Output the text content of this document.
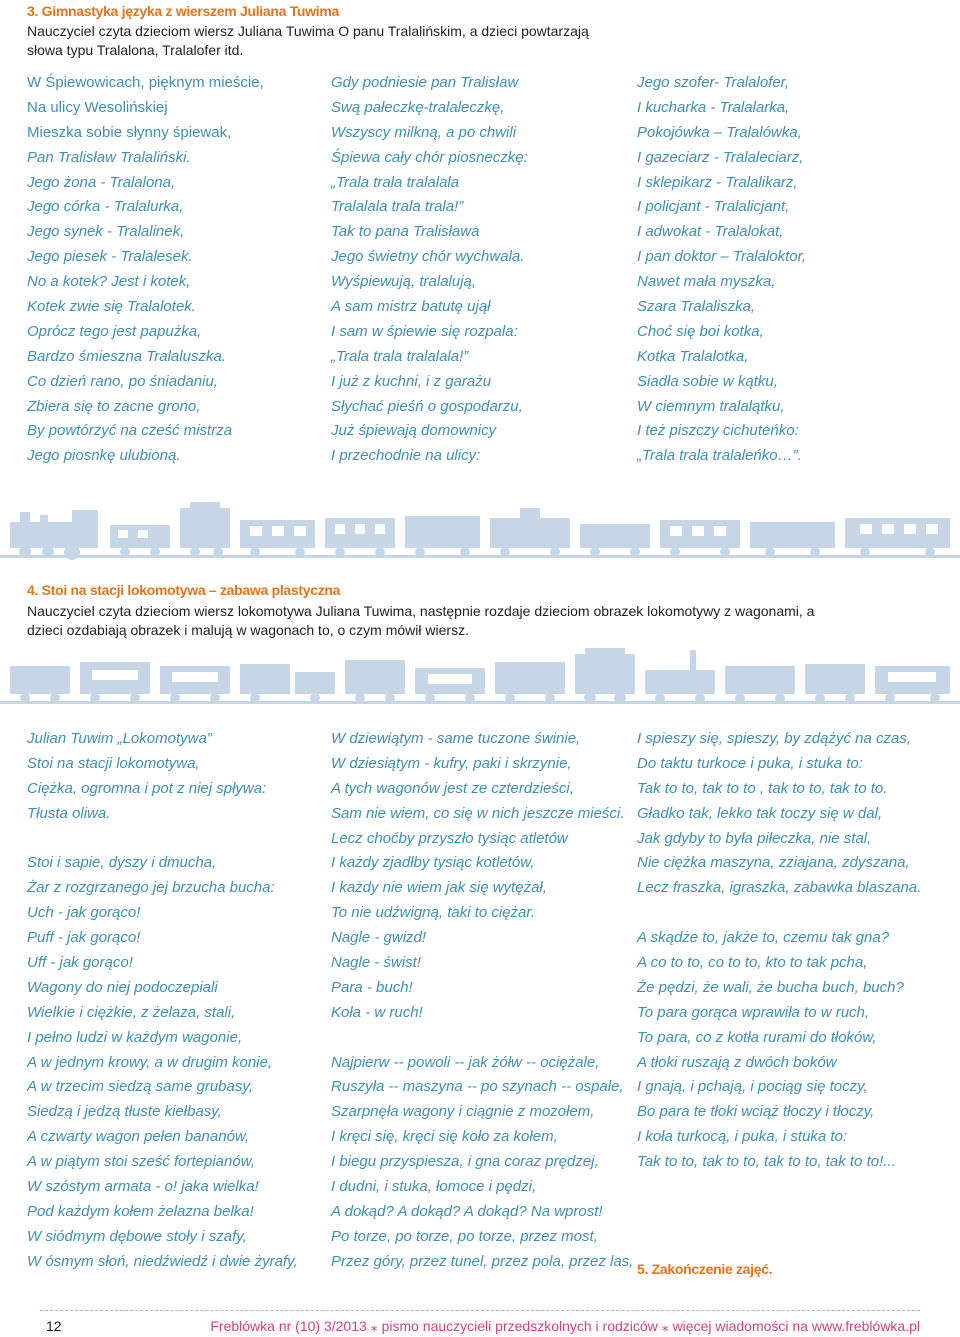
3. Gimnastyka języka z wierszem Juliana Tuwima
Nauczyciel czyta dzieciom wiersz Juliana Tuwima O panu Tralalińskim, a dzieci powtarzają słowa typu Tralalona, Tralalofer itd.
W Śpiewowicach, pięknym mieście,
Na ulicy Wesolińskiej
Mieszka sobie słynny śpiewak,
Pan Tralisław Tralaliński.
Jego żona - Tralalona,
Jego córka - Tralalurka,
Jego synek - Tralalinek,
Jego piesek - Tralalesek.
No a kotek? Jest i kotek,
Kotek zwie się Tralalotek.
Oprócz tego jest papużka,
Bardzo śmieszna Tralaluszka.
Co dzień rano, po śniadaniu,
Zbiera się to zacne grono,
By powtórzyć na cześć mistrza
Jego piosnkę ulubioną.
Gdy podniesie pan Tralisław
Swą pałeczkę-tralaleczkę,
Wszyscy milkną, a po chwili
Śpiewa cały chór piosneczkę:
„Trala trala tralalala
Tralalala trala trala!”
Tak to pana Tralisława
Jego świetny chór wychwala.
Wyśpiewują, tralalują,
A sam mistrz batutę ujął
I sam w śpiewie się rozpala:
„Trala trala tralalala!”
I już z kuchni, i z garażu
Słychać pieśń o gospodarzu,
Już śpiewają domownicy
I przechodnie na ulicy:
Jego szofer- Tralalofer,
I kucharka - Tralalarka,
Pokojówka – Tralalówka,
I gazeciarz - Tralaleciarz,
I sklepikarz - Tralalikarz,
I policjant - Tralalicjant,
I adwokat - Tralalokat,
I pan doktor – Tralaloktor,
Nawet mała myszka,
Szara Tralaliszka,
Choć się boi kotka,
Kotka Tralalotka,
Siadła sobie w kątku,
W ciemnym tralalątku,
I też piszczy cichuteńko:
„Trala trala tralaleńko…”.
4. Stoi na stacji lokomotywa – zabawa plastyczna
Nauczyciel czyta dzieciom wiersz lokomotywa Juliana Tuwima, następnie rozdaje dzieciom obrazek lokomotywy z wagonami, a dzieci ozdabiają obrazek i malują w wagonach to, o czym mówił wiersz.
Julian Tuwim „Lokomotywa”
Stoi na stacji lokomotywa,
Ciężka, ogromna i pot z niej spływa:
Tłusta oliwa.
Stoi i sapie, dyszy i dmucha,
Żar z rozgrzanego jej brzucha bucha:
Uch - jak gorąco!
Puff - jak gorąco!
Uff - jak gorąco!
Wagony do niej podoczepiali
Wielkie i ciężkie, z żelaza, stali,
I pełno ludzi w każdym wagonie,
A w jednym krowy, a w drugim konie,
A w trzecim siedzą same grubasy,
Siedzą i jedzą tłuste kiełbasy,
A czwarty wagon pełen bananów,
A w piątym stoi sześć fortepianów,
W szóstym armata - o! jaka wielka!
Pod każdym kołem żelazna belka!
W siódmym dębowe stoły i szafy,
W ósmym słoń, niedźwiedź i dwie żyrafy,
W dziewiątym - same tuczone świnie,
W dziesiątym - kufry, paki i skrzynie,
A tych wagonów jest ze czterdzieści,
Sam nie wiem, co się w nich jeszcze mieści.
Lecz choćby przyszło tysiąc atletów
I każdy zjadłby tysiąc kotletów,
I każdy nie wiem jak się wytężał,
To nie udźwigną, taki to ciężar.
Nagle - gwizd!
Nagle - świst!
Para - buch!
Koła - w ruch!
Najpierw -- powoli -- jak żółw -- ociężale,
Ruszyła -- maszyna -- po szynach -- ospale,
Szarpnęła wagony i ciągnie z mozołem,
I kręci się, kręci się koło za kołem,
I biegu przyspiesza, i gna coraz prędzej,
I dudni, i stuka, łomoce i pędzi,
A dokąd? A dokąd? A dokąd? Na wprost!
Po torze, po torze, po torze, przez most,
Przez góry, przez tunel, przez pola, przez las,
I spieszy się, spieszy, by zdążyć na czas,
Do taktu turkoce i puka, i stuka to:
Tak to to, tak to to , tak to to, tak to to.
Gładko tak, lekko tak toczy się w dal,
Jak gdyby to była piłeczka, nie stal,
Nie ciężka maszyna, zziajana, zdyszana,
Lecz fraszka, igraszka, zabawka blaszana.
A skądże to, jakże to, czemu tak gna?
A co to to, co to to, kto to tak pcha,
Że pędzi, że wali, że bucha buch, buch?
To para gorąca wprawiła to w ruch,
To para, co z kotła rurami do tłoków,
A tłoki ruszają z dwóch boków
I gnają, i pchają, i pociąg się toczy,
Bo para te tłoki wciąż tłoczy i tłoczy,
I koła turkocą, i puka, i stuka to:
Tak to to, tak to to, tak to to, tak to to!...
5. Zakończenie zajęć.
12	Freblówka nr (10) 3/2013 ⁎ pismo nauczycieli przedszkolnych i rodziców ⁎ więcej wiadomości na www.freblówka.pl
